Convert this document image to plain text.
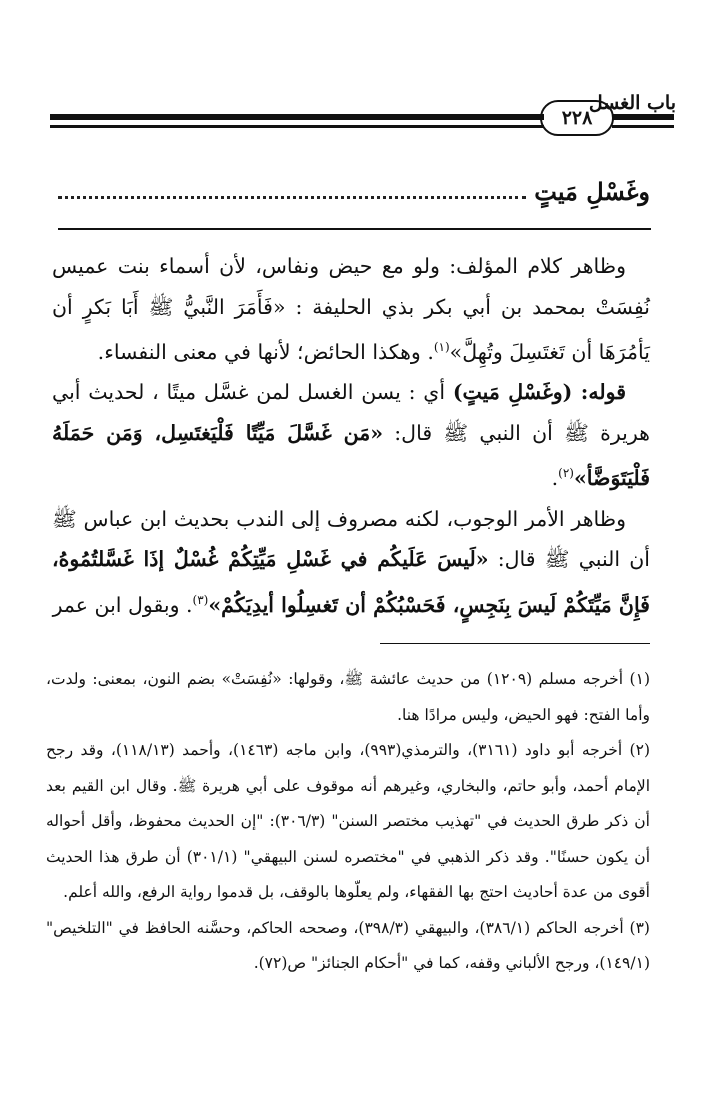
باب الغسل
٢٢٨
وغَسْلِ مَيتٍ

وظاهر كلام المؤلف: ولو مع حيض ونفاس، لأن أسماء بنت عميس نُفِسَتْ بمحمد بن أبي بكر بذي الحليفة : «فَأَمَرَ النَّبيُّ ﷺ أَبَا بَكرٍ أن يَأمُرَهَا أن تَغتَسِلَ وتُهِلَّ»$^{(١)}$. وهكذا الحائض؛ لأنها في معنى النفساء.

قوله: (وغَسْلِ مَيتٍ) أي : يسن الغسل لمن غسَّل ميتًا ، لحديث أبي هريرة ﷺ أن النبي ﷺ قال: «مَن غَسَّلَ مَيِّتًا فَلْيَغتَسِل، وَمَن حَمَلَهُ فَلْيَتَوَضَّأ»$^{(٢)}$.

وظاهر الأمر الوجوب، لكنه مصروف إلى الندب بحديث ابن عباس ﷺ أن النبي ﷺ قال: «لَيسَ عَلَيكُم في غَسْلِ مَيِّتِكُمْ غُسْلٌ إذَا غَسَّلتُمُوهُ، فَإِنَّ مَيِّتَكُمْ لَيسَ بِنَجِسٍ، فَحَسْبُكُمْ أن تَغسِلُوا أيدِيَكُمْ»$^{(٣)}$. وبقول ابن عمر

(١) أخرجه مسلم (١٢٠٩) من حديث عائشة ﷺ، وقولها: «نُفِسَتْ» بضم النون، بمعنى: ولدت، وأما الفتح: فهو الحيض، وليس مرادًا هنا.

(٢) أخرجه أبو داود (٣١٦١)، والترمذي(٩٩٣)، وابن ماجه (١٤٦٣)، وأحمد (١١٨/١٣)، وقد رجح الإمام أحمد، وأبو حاتم، والبخاري، وغيرهم أنه موقوف على أبي هريرة ﷺ. وقال ابن القيم بعد أن ذكر طرق الحديث في "تهذيب مختصر السنن" (٣٠٦/٣): "إن الحديث محفوظ، وأقل أحواله أن يكون حسنًا". وقد ذكر الذهبي في "مختصره لسنن البيهقي" (٣٠١/١) أن طرق هذا الحديث أقوى من عدة أحاديث احتج بها الفقهاء، ولم يعلّوها بالوقف، بل قدموا رواية الرفع، والله أعلم.

(٣) أخرجه الحاكم (٣٨٦/١)، والبيهقي (٣٩٨/٣)، وصححه الحاكم، وحسَّنه الحافظ في "التلخيص" (١٤٩/١)، ورجح الألباني وقفه، كما في "أحكام الجنائز" ص(٧٢).
